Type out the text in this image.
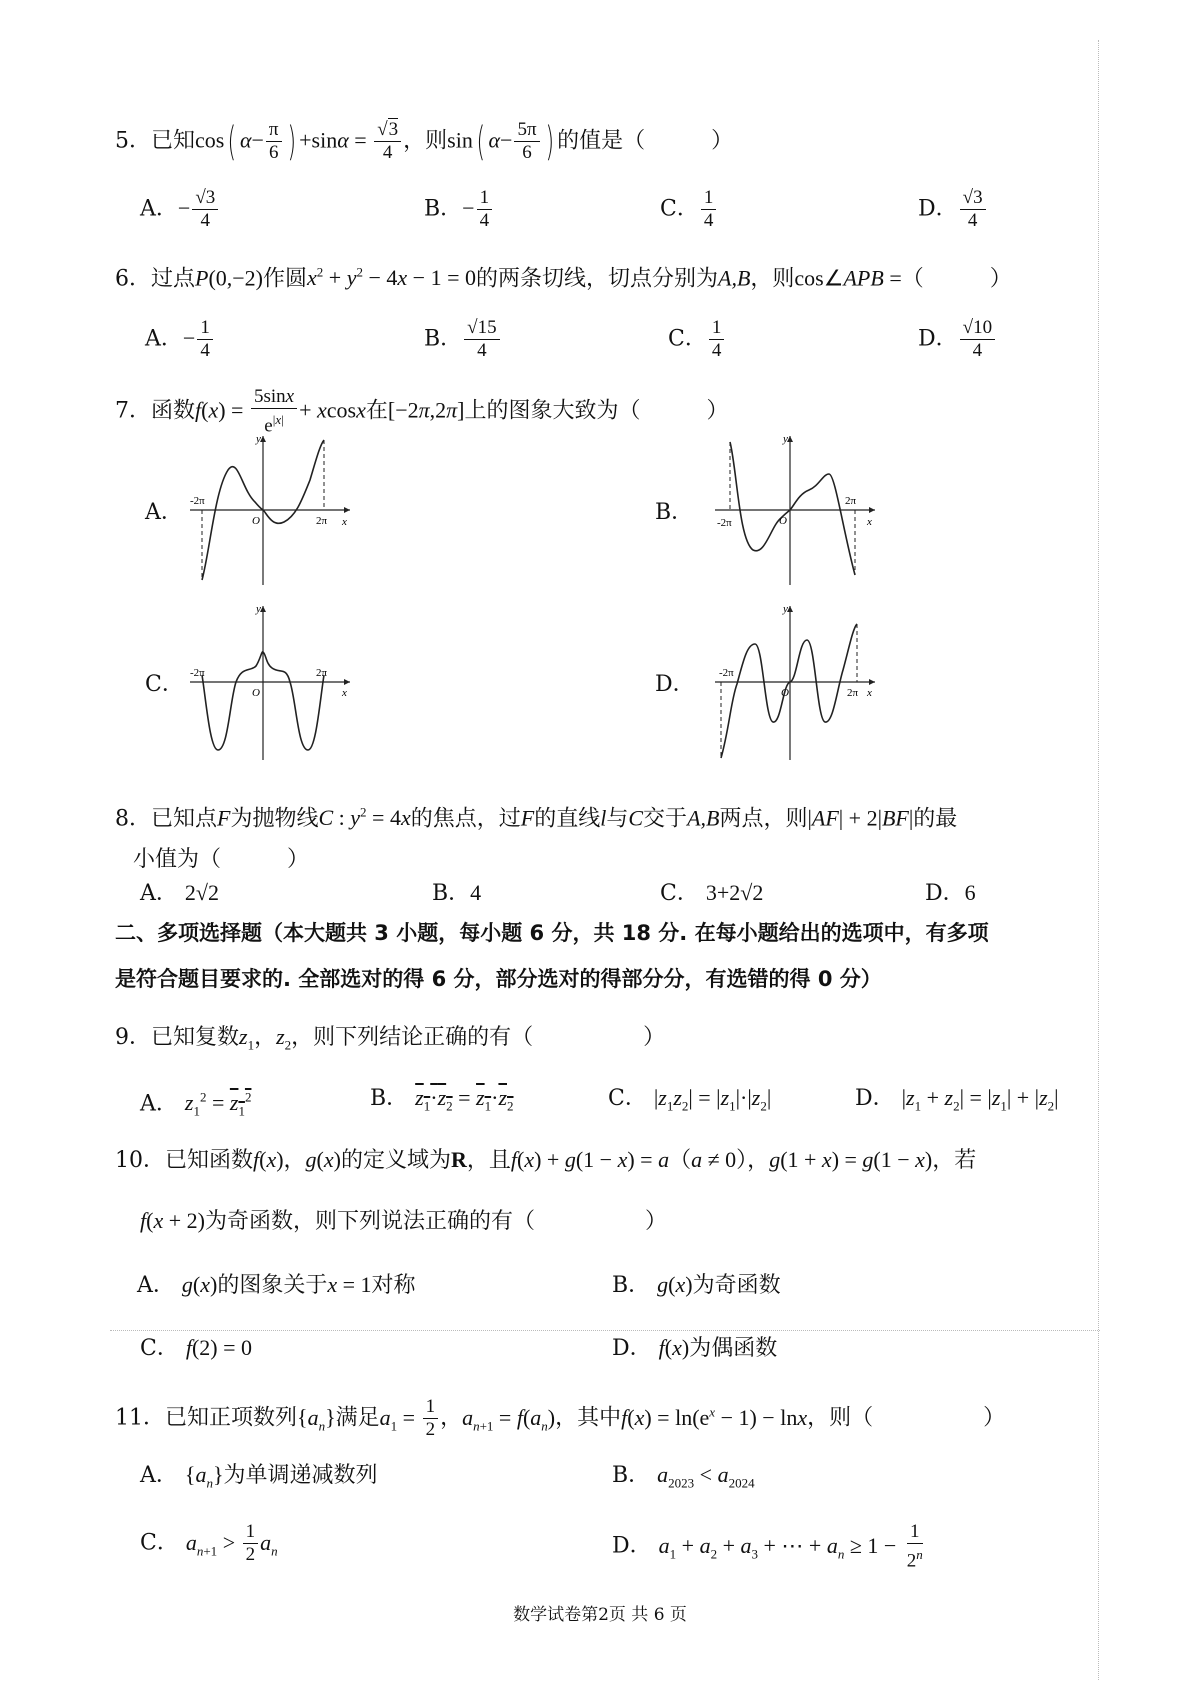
5．已知cos( $\alpha- \frac{\pi}{6}$ ) $+\sin\alpha = \frac{√3}{4}$ ，则sin( $\alpha- \frac{5\pi}{6}$ ) 的值是（　　　）
A．− $\frac{√3}{4}$	B．− $\frac{1}{4}$	C． $\frac{1}{4}$	D． $\frac{√3}{4}$
6．过点P(0,−2)作圆$x^2 + y^2 - 4x - 1 = 0$的两条切线，切点分别为A,B，则cos∠APB =（　　　）
A．− $\frac{1}{4}$	B． $\frac{√15}{4}$	C． $\frac{1}{4}$	D． $\frac{√10}{4}$
7．函数$f(x) = \frac{5\sin x}{e^{|x|}} + xcosx$在[−2π,2π]上的图象大致为（　　　）
A．	B．
C．	D．
-2π
2π
O
y
x	-2π
2π
O
y
x
-2π	2π
O
y
x
-2π
2π
O
y
x
8．已知点F为抛物线C : $y^2 = 4x$的焦点，过F的直线l与C交于A,B两点，则|AF| + 2|BF|的最
小值为（　　　）
A． 2√2	B．4	C． 3+2√2	D．6
二、多项选择题（本大题共 3 小题，每小题 6 分，共 18 分. 在每小题给出的选项中，有多项
是符合题目要求的. 全部选对的得 6 分，部分选对的得部分分，有选错的得 0 分）
9．已知复数$z_1$，$z_2$，则下列结论正确的有（　　　　　）
A． $z_1^2 = z_1^2$	B． $z_1\cdot z_2 = z_1\cdot z_2$	C． $|z_1z_2| = |z_1|\cdot|z_2|$	D． $|z_1 + z_2| = |z_1| + |z_2|$
10．已知函数f(x)，g(x)的定义域为R，且f(x) + g(1 − x) = a（a ≠ 0），g(1 + x) = g(1 − x)，若
f(x + 2)为奇函数，则下列说法正确的有（　　　　　）
A． g(x)的图象关于x = 1对称	B． g(x)为奇函数
C． f(2) = 0	D． f(x)为偶函数
11．已知正项数列$\{a_n\}$满足$a_1 = \frac{1}{2}$ ，$a_{n+1} = f(a_n)$，其中$f(x) = \ln(e^x - 1) - \ln x$，则（　　　　　）
A． $\{a_n\}$为单调递减数列	B． $a_{2023} < a_{2024}$
C． $a_{n+1} > \frac{1}{2} a_n$	D． $a_1 + a_2 + a_3$ + ⋯ + $a_n \ge 1 - \frac{1}{2^n}$
数学试卷第2页 共 6 页
